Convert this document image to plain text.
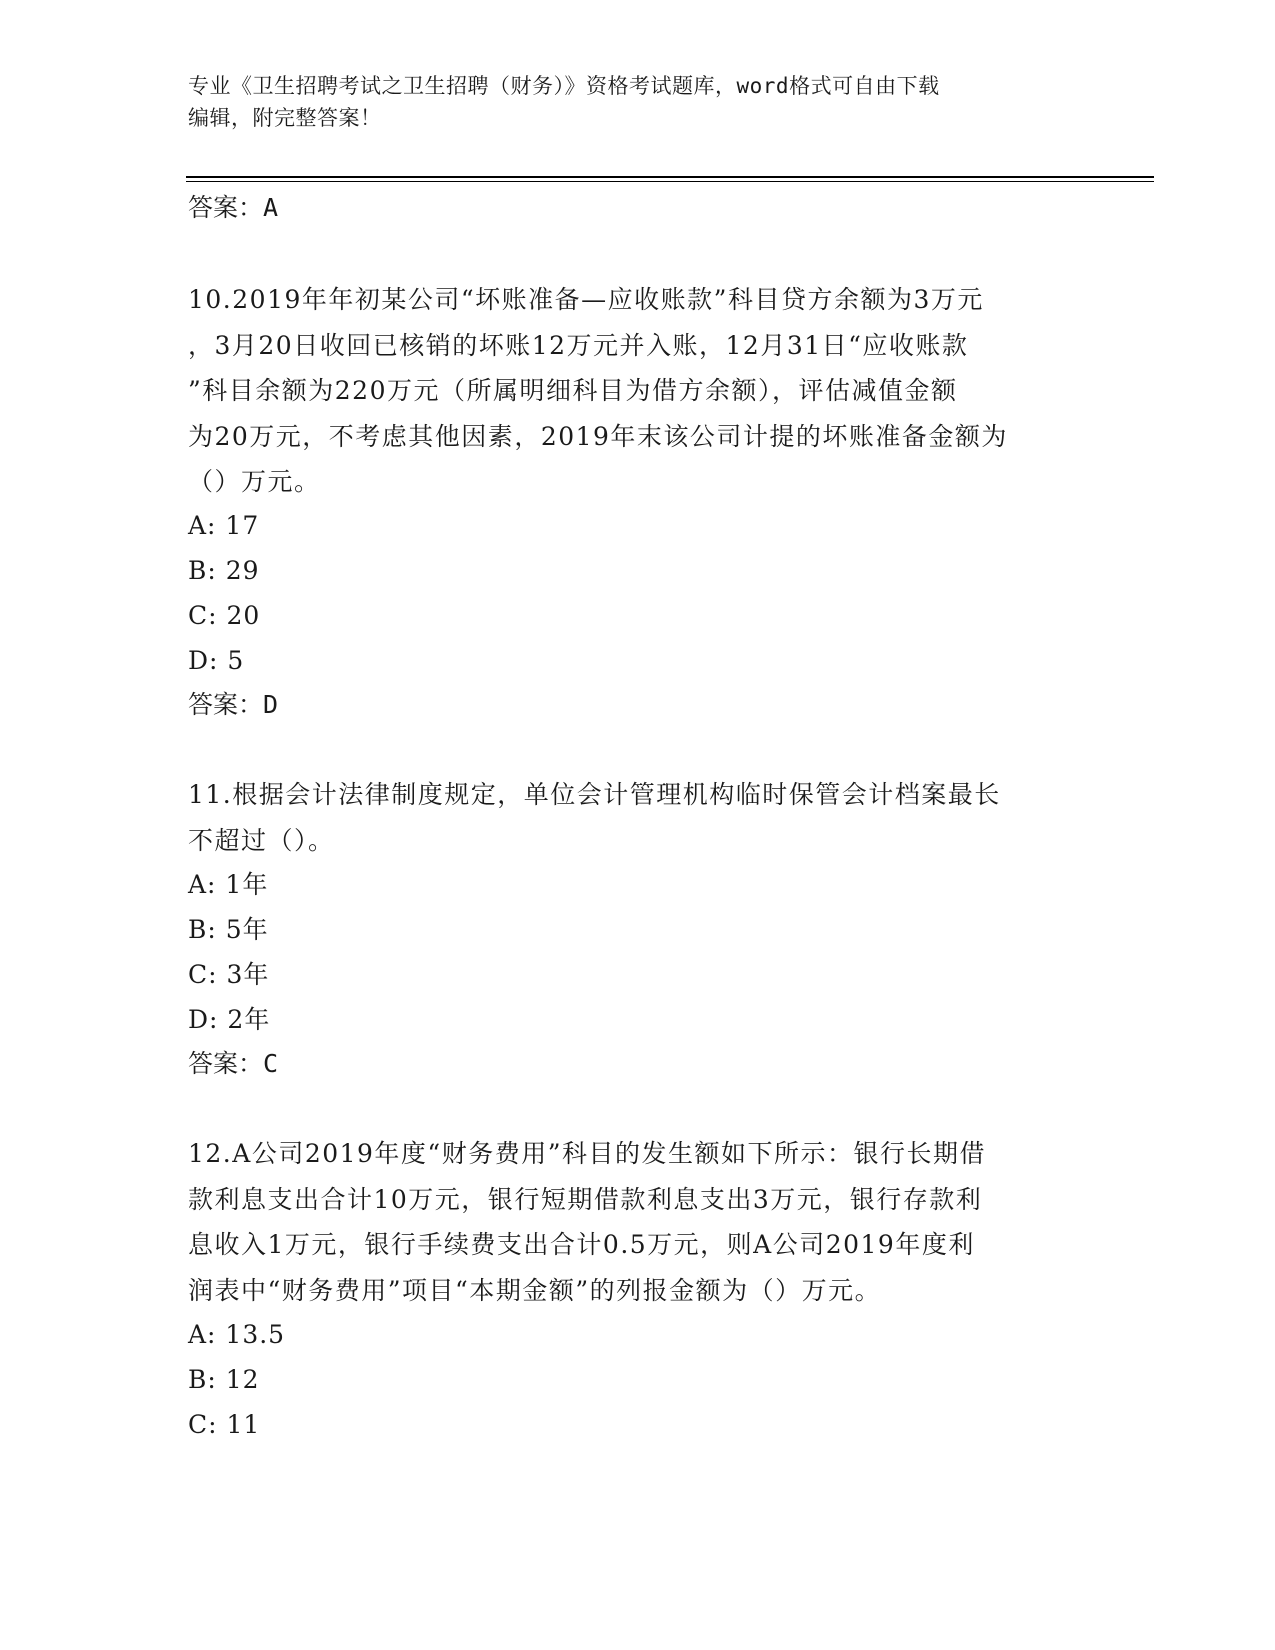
专业《卫生招聘考试之卫生招聘（财务）》资格考试题库，word格式可自由下载
编辑，附完整答案！
答案：A
10.2019年年初某公司“坏账准备—应收账款”科目贷方余额为3万元
，3月20日收回已核销的坏账12万元并入账，12月31日“应收账款
”科目余额为220万元（所属明细科目为借方余额），评估减值金额
为20万元，不考虑其他因素，2019年末该公司计提的坏账准备金额为
（）万元。
A: 17
B: 29
C: 20
D: 5
答案：D
11.根据会计法律制度规定，单位会计管理机构临时保管会计档案最长
不超过（）。
A: 1年
B: 5年
C: 3年
D: 2年
答案：C
12.A公司2019年度“财务费用”科目的发生额如下所示：银行长期借
款利息支出合计10万元，银行短期借款利息支出3万元，银行存款利
息收入1万元，银行手续费支出合计0.5万元，则A公司2019年度利
润表中“财务费用”项目“本期金额”的列报金额为（）万元。
A: 13.5
B: 12
C: 11
